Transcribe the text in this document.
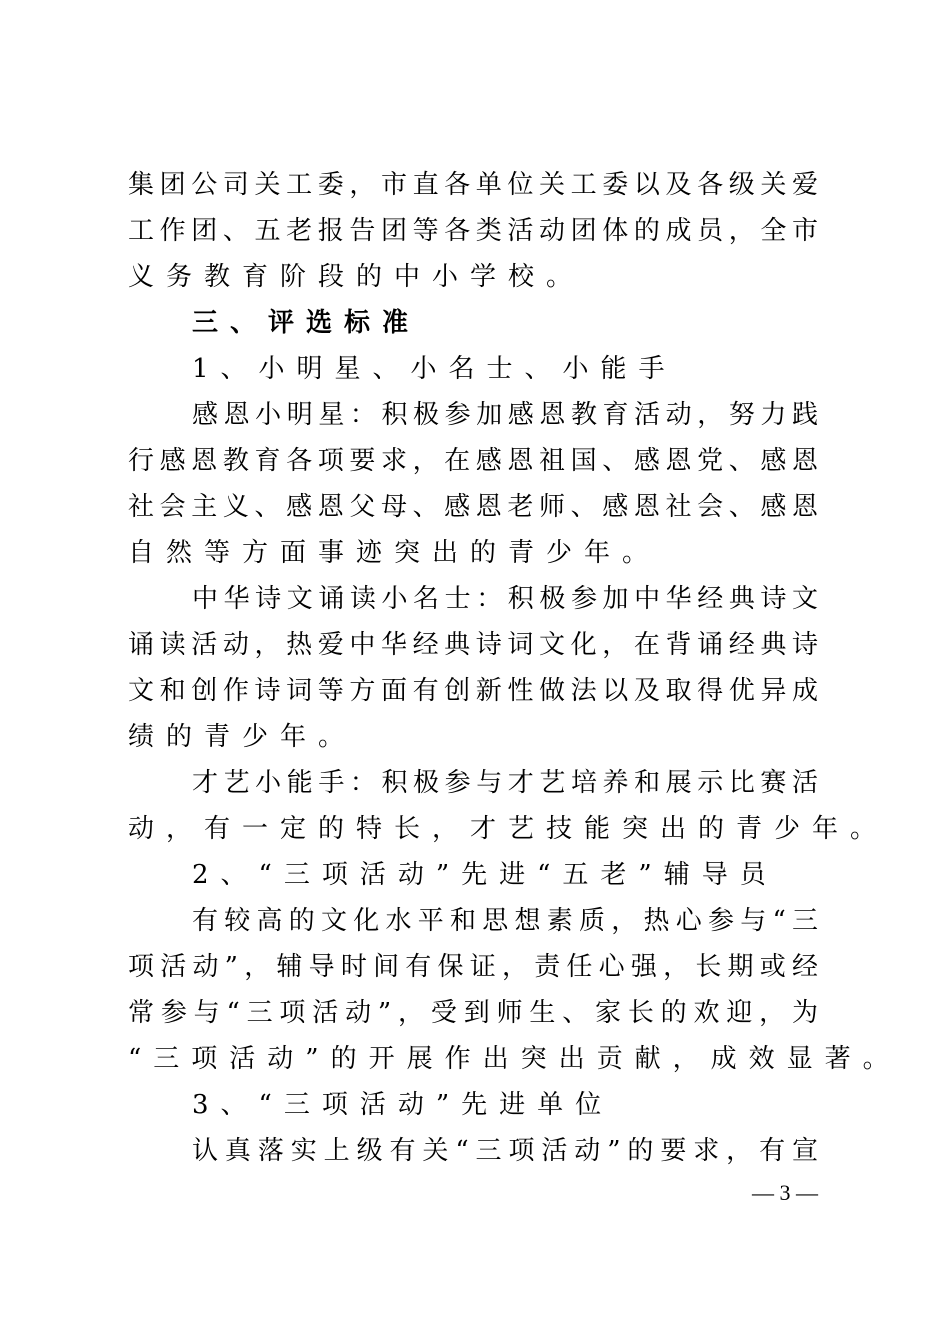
集团公司关工委，市直各单位关工委以及各级关爱
工作团、五老报告团等各类活动团体的成员，全市
义务教育阶段的中小学校。
三、评选标准
1、小明星、小名士、小能手
感恩小明星：积极参加感恩教育活动，努力践
行感恩教育各项要求，在感恩祖国、感恩党、感恩
社会主义、感恩父母、感恩老师、感恩社会、感恩
自然等方面事迹突出的青少年。
中华诗文诵读小名士：积极参加中华经典诗文
诵读活动，热爱中华经典诗词文化，在背诵经典诗
文和创作诗词等方面有创新性做法以及取得优异成
绩的青少年。
才艺小能手：积极参与才艺培养和展示比赛活
动，有一定的特长，才艺技能突出的青少年。
2、“三项活动”先进“五老”辅导员
有较高的文化水平和思想素质，热心参与“三
项活动”，辅导时间有保证，责任心强，长期或经
常参与“三项活动”，受到师生、家长的欢迎，为
“三项活动”的开展作出突出贡献，成效显著。
3、“三项活动”先进单位
认真落实上级有关“三项活动”的要求，有宣
— 3 —
